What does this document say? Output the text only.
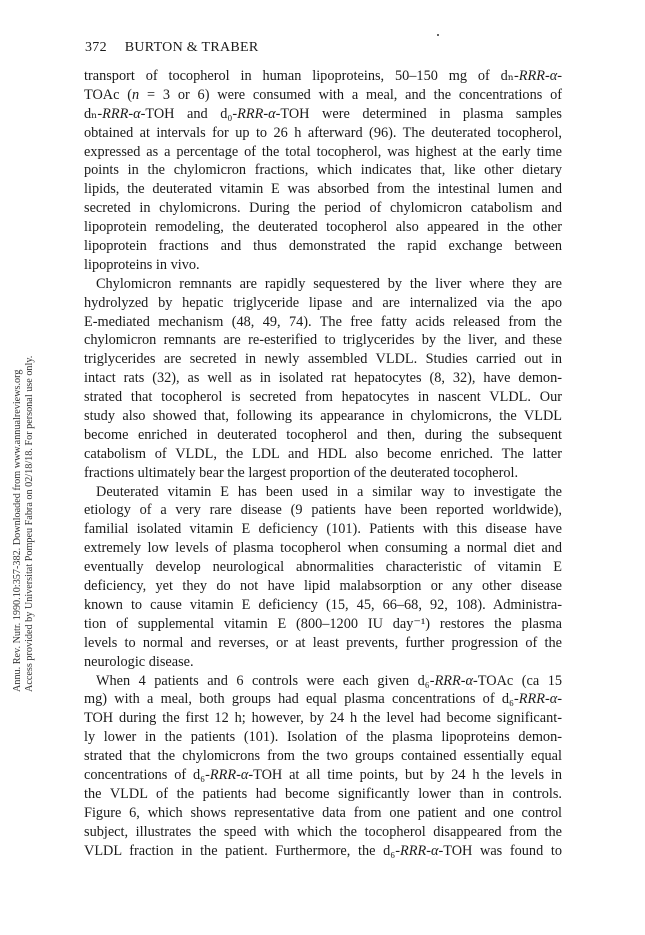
372 BURTON & TRABER
Annu. Rev. Nutr. 1990.10:357-382. Downloaded from www.annualreviews.org Access provided by Universitat Pompeu Fabra on 02/18/18. For personal use only.
transport of tocopherol in human lipoproteins, 50–150 mg of dₙ-RRR-α-
TOAc (n = 3 or 6) were consumed with a meal, and the concentrations of
dₙ-RRR-α-TOH and d₀-RRR-α-TOH were determined in plasma samples
obtained at intervals for up to 26 h afterward (96). The deuterated tocopherol,
expressed as a percentage of the total tocopherol, was highest at the early time
points in the chylomicron fractions, which indicates that, like other dietary
lipids, the deuterated vitamin E was absorbed from the intestinal lumen and
secreted in chylomicrons. During the period of chylomicron catabolism and
lipoprotein remodeling, the deuterated tocopherol also appeared in the other
lipoprotein fractions and thus demonstrated the rapid exchange between
lipoproteins in vivo.
Chylomicron remnants are rapidly sequestered by the liver where they are
hydrolyzed by hepatic triglyceride lipase and are internalized via the apo
E-mediated mechanism (48, 49, 74). The free fatty acids released from the
chylomicron remnants are re-esterified to triglycerides by the liver, and these
triglycerides are secreted in newly assembled VLDL. Studies carried out in
intact rats (32), as well as in isolated rat hepatocytes (8, 32), have demon-
strated that tocopherol is secreted from hepatocytes in nascent VLDL. Our
study also showed that, following its appearance in chylomicrons, the VLDL
become enriched in deuterated tocopherol and then, during the subsequent
catabolism of VLDL, the LDL and HDL also become enriched. The latter
fractions ultimately bear the largest proportion of the deuterated tocopherol.
Deuterated vitamin E has been used in a similar way to investigate the
etiology of a very rare disease (9 patients have been reported worldwide),
familial isolated vitamin E deficiency (101). Patients with this disease have
extremely low levels of plasma tocopherol when consuming a normal diet and
eventually develop neurological abnormalities characteristic of vitamin E
deficiency, yet they do not have lipid malabsorption or any other disease
known to cause vitamin E deficiency (15, 45, 66–68, 92, 108). Administra-
tion of supplemental vitamin E (800–1200 IU day⁻¹) restores the plasma
levels to normal and reverses, or at least prevents, further progression of the
neurologic disease.
When 4 patients and 6 controls were each given d₆-RRR-α-TOAc (ca 15
mg) with a meal, both groups had equal plasma concentrations of d₆-RRR-α-
TOH during the first 12 h; however, by 24 h the level had become significant-
ly lower in the patients (101). Isolation of the plasma lipoproteins demon-
strated that the chylomicrons from the two groups contained essentially equal
concentrations of d₆-RRR-α-TOH at all time points, but by 24 h the levels in
the VLDL of the patients had become significantly lower than in controls.
Figure 6, which shows representative data from one patient and one control
subject, illustrates the speed with which the tocopherol disappeared from the
VLDL fraction in the patient. Furthermore, the d₆-RRR-α-TOH was found to
